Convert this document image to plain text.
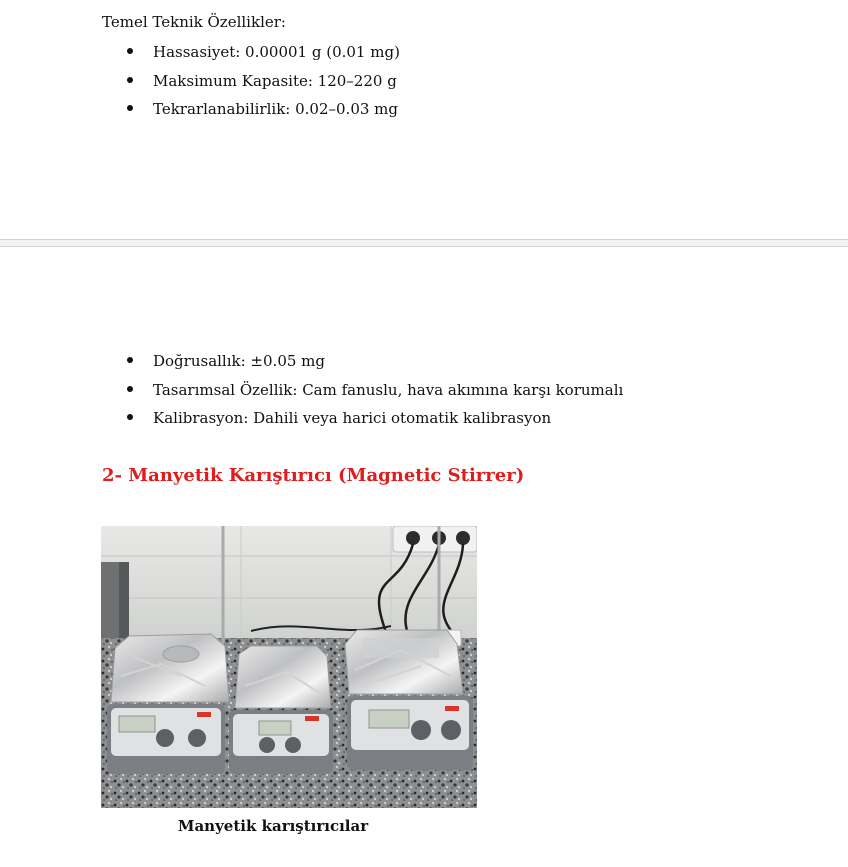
Temel Teknik Özellikler:

Hassasiyet: 0.00001 g (0.01 mg)
Maksimum Kapasite: 120–220 g
Tekrarlanabilirlik: 0.02–0.03 mg
Doğrusallık: ±0.05 mg
Tasarımsal Özellik: Cam fanuslu, hava akımına karşı korumalı
Kalibrasyon: Dahili veya harici otomatik kalibrasyon
2- Manyetik Karıştırıcı (Magnetic Stirrer)

Manyetik karıştırıcılar
